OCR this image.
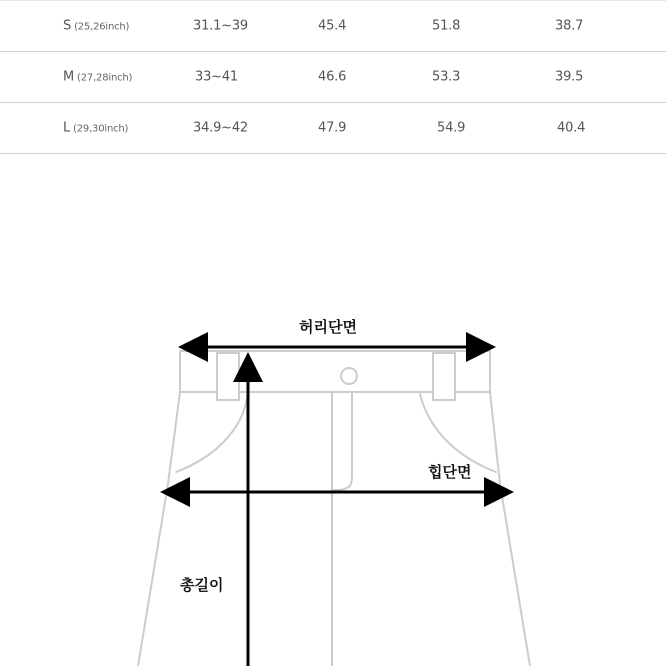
S (25,26inch)	31.1~39	45.4	51.8	38.7
M (27,28inch)	33~41	46.6	53.3	39.5
L (29,30inch)	34.9~42	47.9	54.9	40.4
허리단면
힙단면
총길이
